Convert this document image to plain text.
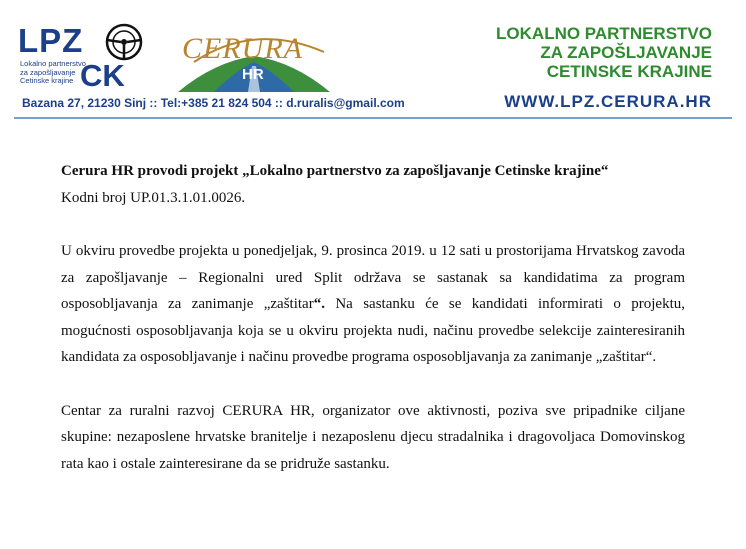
LPZ
Lokalno partnerstvo
za zapošljavanje
Cetinske krajine CK
CERURA
HR
LOKALNO PARTNERSTVO
ZA ZAPOŠLJAVANJE
CETINSKE KRAJINE
Bazana 27, 21230 Sinj :: Tel:+385 21 824 504 :: d.ruralis@gmail.com	WWW.LPZ.CERURA.HR

Cerura HR provodi projekt „Lokalno partnerstvo za zapošljavanje Cetinske krajine“

Kodni broj UP.01.3.1.01.0026.

U okviru provedbe projekta u ponedjeljak, 9. prosinca 2019. u 12 sati u prostorijama Hrvatskog zavoda za zapošljavanje – Regionalni ured Split održava se sastanak sa kandidatima za program osposobljavanja za zanimanje „zaštitar“. Na sastanku će se kandidati informirati o projektu, mogućnosti osposobljavanja koja se u okviru projekta nudi, načinu provedbe selekcije zainteresiranih kandidata za osposobljavanje i načinu provedbe programa osposobljavanja za zanimanje „zaštitar“.

Centar za ruralni razvoj CERURA HR, organizator ove aktivnosti, poziva sve pripadnike ciljane skupine: nezaposlene hrvatske branitelje i nezaposlenu djecu stradalnika i dragovoljaca Domovinskog rata kao i ostale zainteresirane da se pridruže sastanku.
